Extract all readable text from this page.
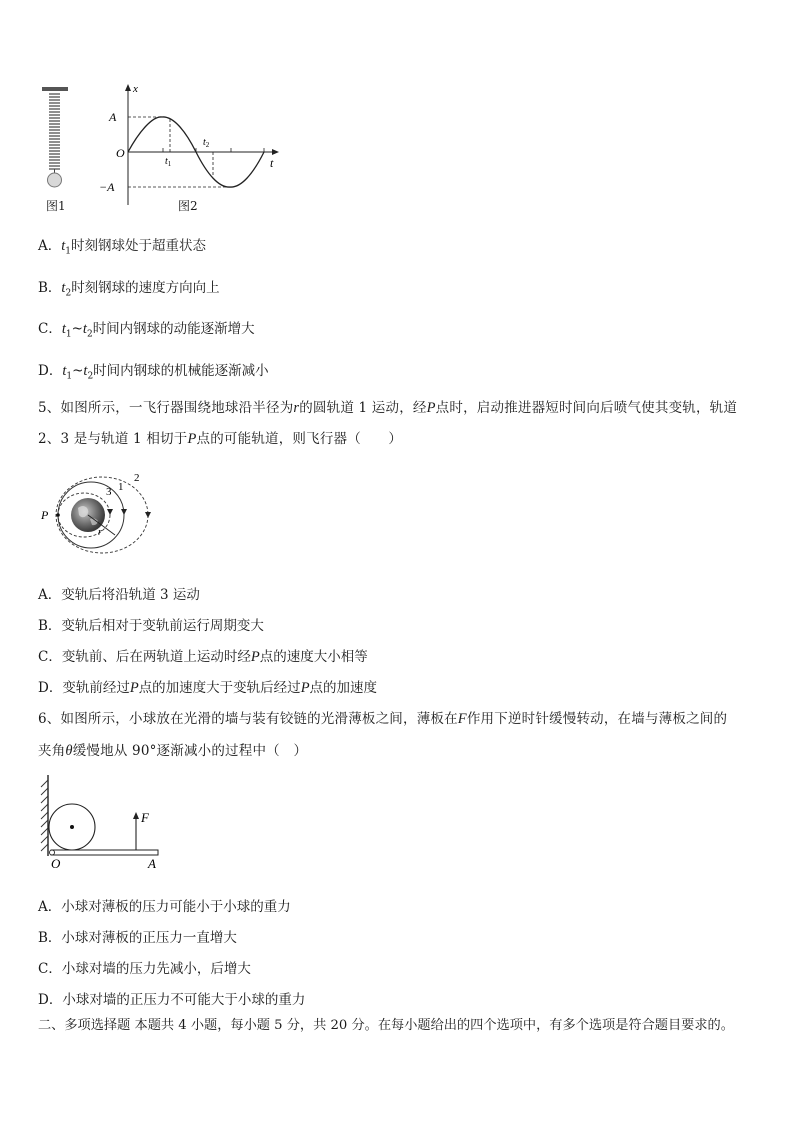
图1
x
t
O
A
−A
$t_1$
$t_2$
图2
A．$t_1$时刻钢球处于超重状态
B．$t_2$时刻钢球的速度方向向上
C．$t_1\sim t_2$时间内钢球的动能逐渐增大
D．$t_1\sim t_2$时间内钢球的机械能逐渐减小
5、如图所示，一飞行器围绕地球沿半径为r的圆轨道 1 运动，经P点时，启动推进器短时间向后喷气使其变轨，轨道
2、3 是与轨道 1 相切于P点的可能轨道，则飞行器（　　）
P
1
2
3
r
A．变轨后将沿轨道 3 运动
B．变轨后相对于变轨前运行周期变大
C．变轨前、后在两轨道上运动时经P点的速度大小相等
D．变轨前经过P点的加速度大于变轨后经过P点的加速度
6、如图所示，小球放在光滑的墙与装有铰链的光滑薄板之间，薄板在F作用下逆时针缓慢转动，在墙与薄板之间的
夹角θ缓慢地从 90°逐渐减小的过程中（　）
F
O	A
A．小球对薄板的压力可能小于小球的重力
B．小球对薄板的正压力一直增大
C．小球对墙的压力先减小，后增大
D．小球对墙的正压力不可能大于小球的重力
二、多项选择题 本题共 4 小题，每小题 5 分，共 20 分。在每小题给出的四个选项中，有多个选项是符合题目要求的。
